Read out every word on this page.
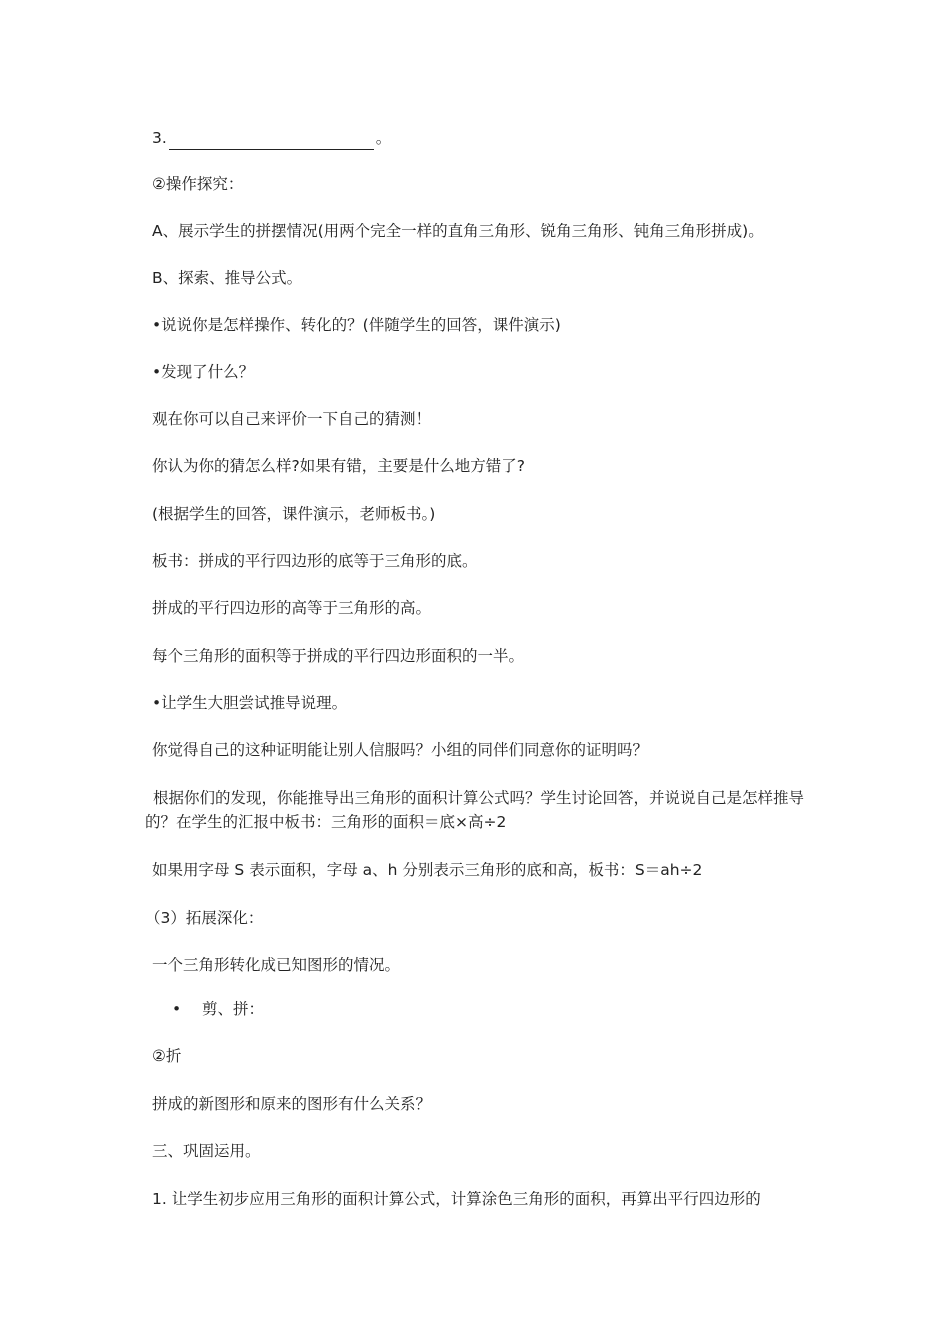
3.	。
②操作探究：
A、展示学生的拼摆情况(用两个完全一样的直角三角形、锐角三角形、钝角三角形拼成)。
B、探索、推导公式。
•说说你是怎样操作、转化的？(伴随学生的回答，课件演示)
•发现了什么？
观在你可以自己来评价一下自己的猜测！
你认为你的猜怎么样?如果有错，主要是什么地方错了?
(根据学生的回答，课件演示，老师板书。)
板书：拼成的平行四边形的底等于三角形的底。
拼成的平行四边形的高等于三角形的高。
每个三角形的面积等于拼成的平行四边形面积的一半。
•让学生大胆尝试推导说理。
你觉得自己的这种证明能让别人信服吗？小组的同伴们同意你的证明吗？
根据你们的发现，你能推导出三角形的面积计算公式吗？学生讨论回答，并说说自己是怎样推导的？在学生的汇报中板书：三角形的面积＝底×高÷2
如果用字母 S 表示面积，字母 a、h 分别表示三角形的底和高，板书：S＝ah÷2
（3）拓展深化：
一个三角形转化成已知图形的情况。
• 剪、拼：
②折
拼成的新图形和原来的图形有什么关系？
三、巩固运用。
1. 让学生初步应用三角形的面积计算公式，计算涂色三角形的面积，再算出平行四边形的
